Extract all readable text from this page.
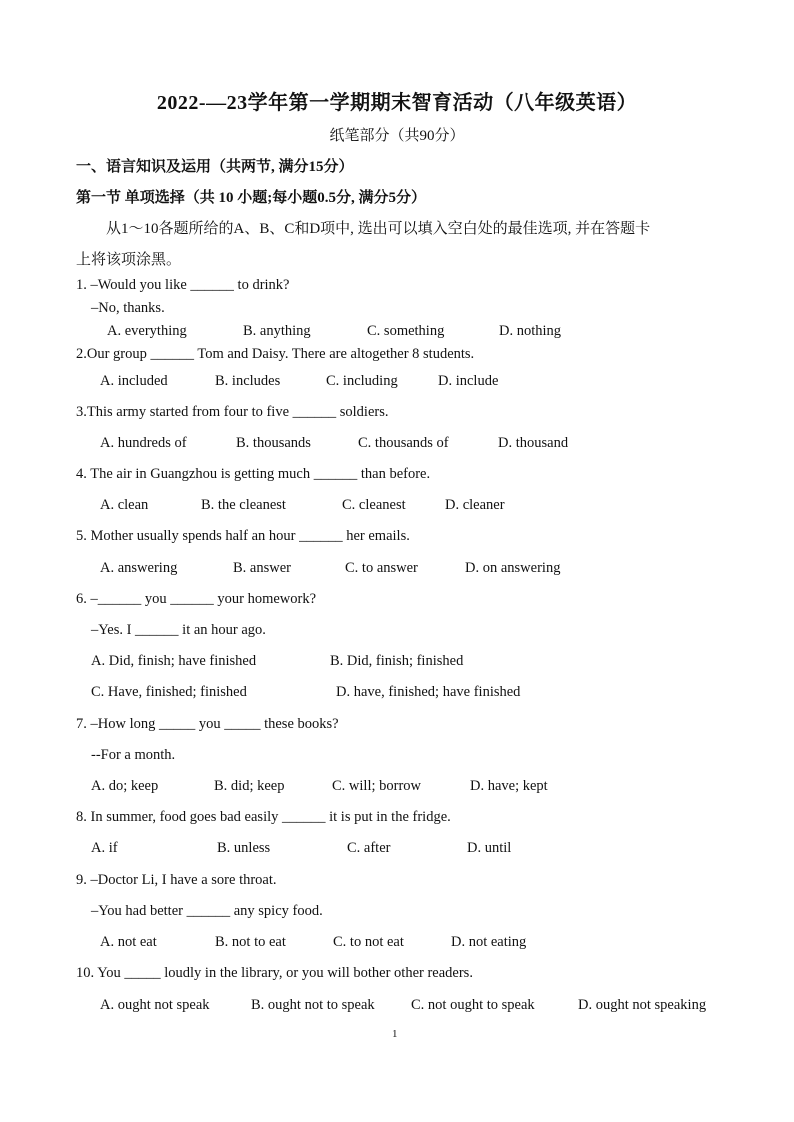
2022-—23学年第一学期期末智育活动（八年级英语）
纸笔部分（共90分）
一、语言知识及运用（共两节, 满分15分）
第一节 单项选择（共 10 小题;每小题0.5分, 满分5分）
从1～10各题所给的A、B、C和D项中, 选出可以填入空白处的最佳选项, 并在答题卡
上将该项涂黑。
1. –Would you like ______ to drink?
–No, thanks.
A. everything	B. anything	C. something	D. nothing
2.Our group ______ Tom and Daisy. There are altogether 8 students.
A. included	B. includes	C. including	D. include
3.This army started from four to five ______ soldiers.
A. hundreds of	B. thousands	C. thousands of	D. thousand
4. The air in Guangzhou is getting much ______ than before.
A. clean	B. the cleanest	C. cleanest	D. cleaner
5. Mother usually spends half an hour ______ her emails.
A. answering	B. answer	C. to answer	D. on answering
6. –______ you ______ your homework?
–Yes. I ______ it an hour ago.
A. Did, finish; have finished	B. Did, finish; finished
C. Have, finished; finished	D. have, finished; have finished
7. –How long _____ you _____ these books?
--For a month.
A. do; keep	B. did; keep	C. will; borrow	D. have; kept
8. In summer, food goes bad easily ______ it is put in the fridge.
A. if	B. unless	C. after	D. until
9. –Doctor Li, I have a sore throat.
–You had better ______ any spicy food.
A. not eat	B. not to eat	C. to not eat	D. not eating
10. You _____ loudly in the library, or you will bother other readers.
A. ought not speak	B. ought not to speak	C. not ought to speak	D. ought not speaking
1
